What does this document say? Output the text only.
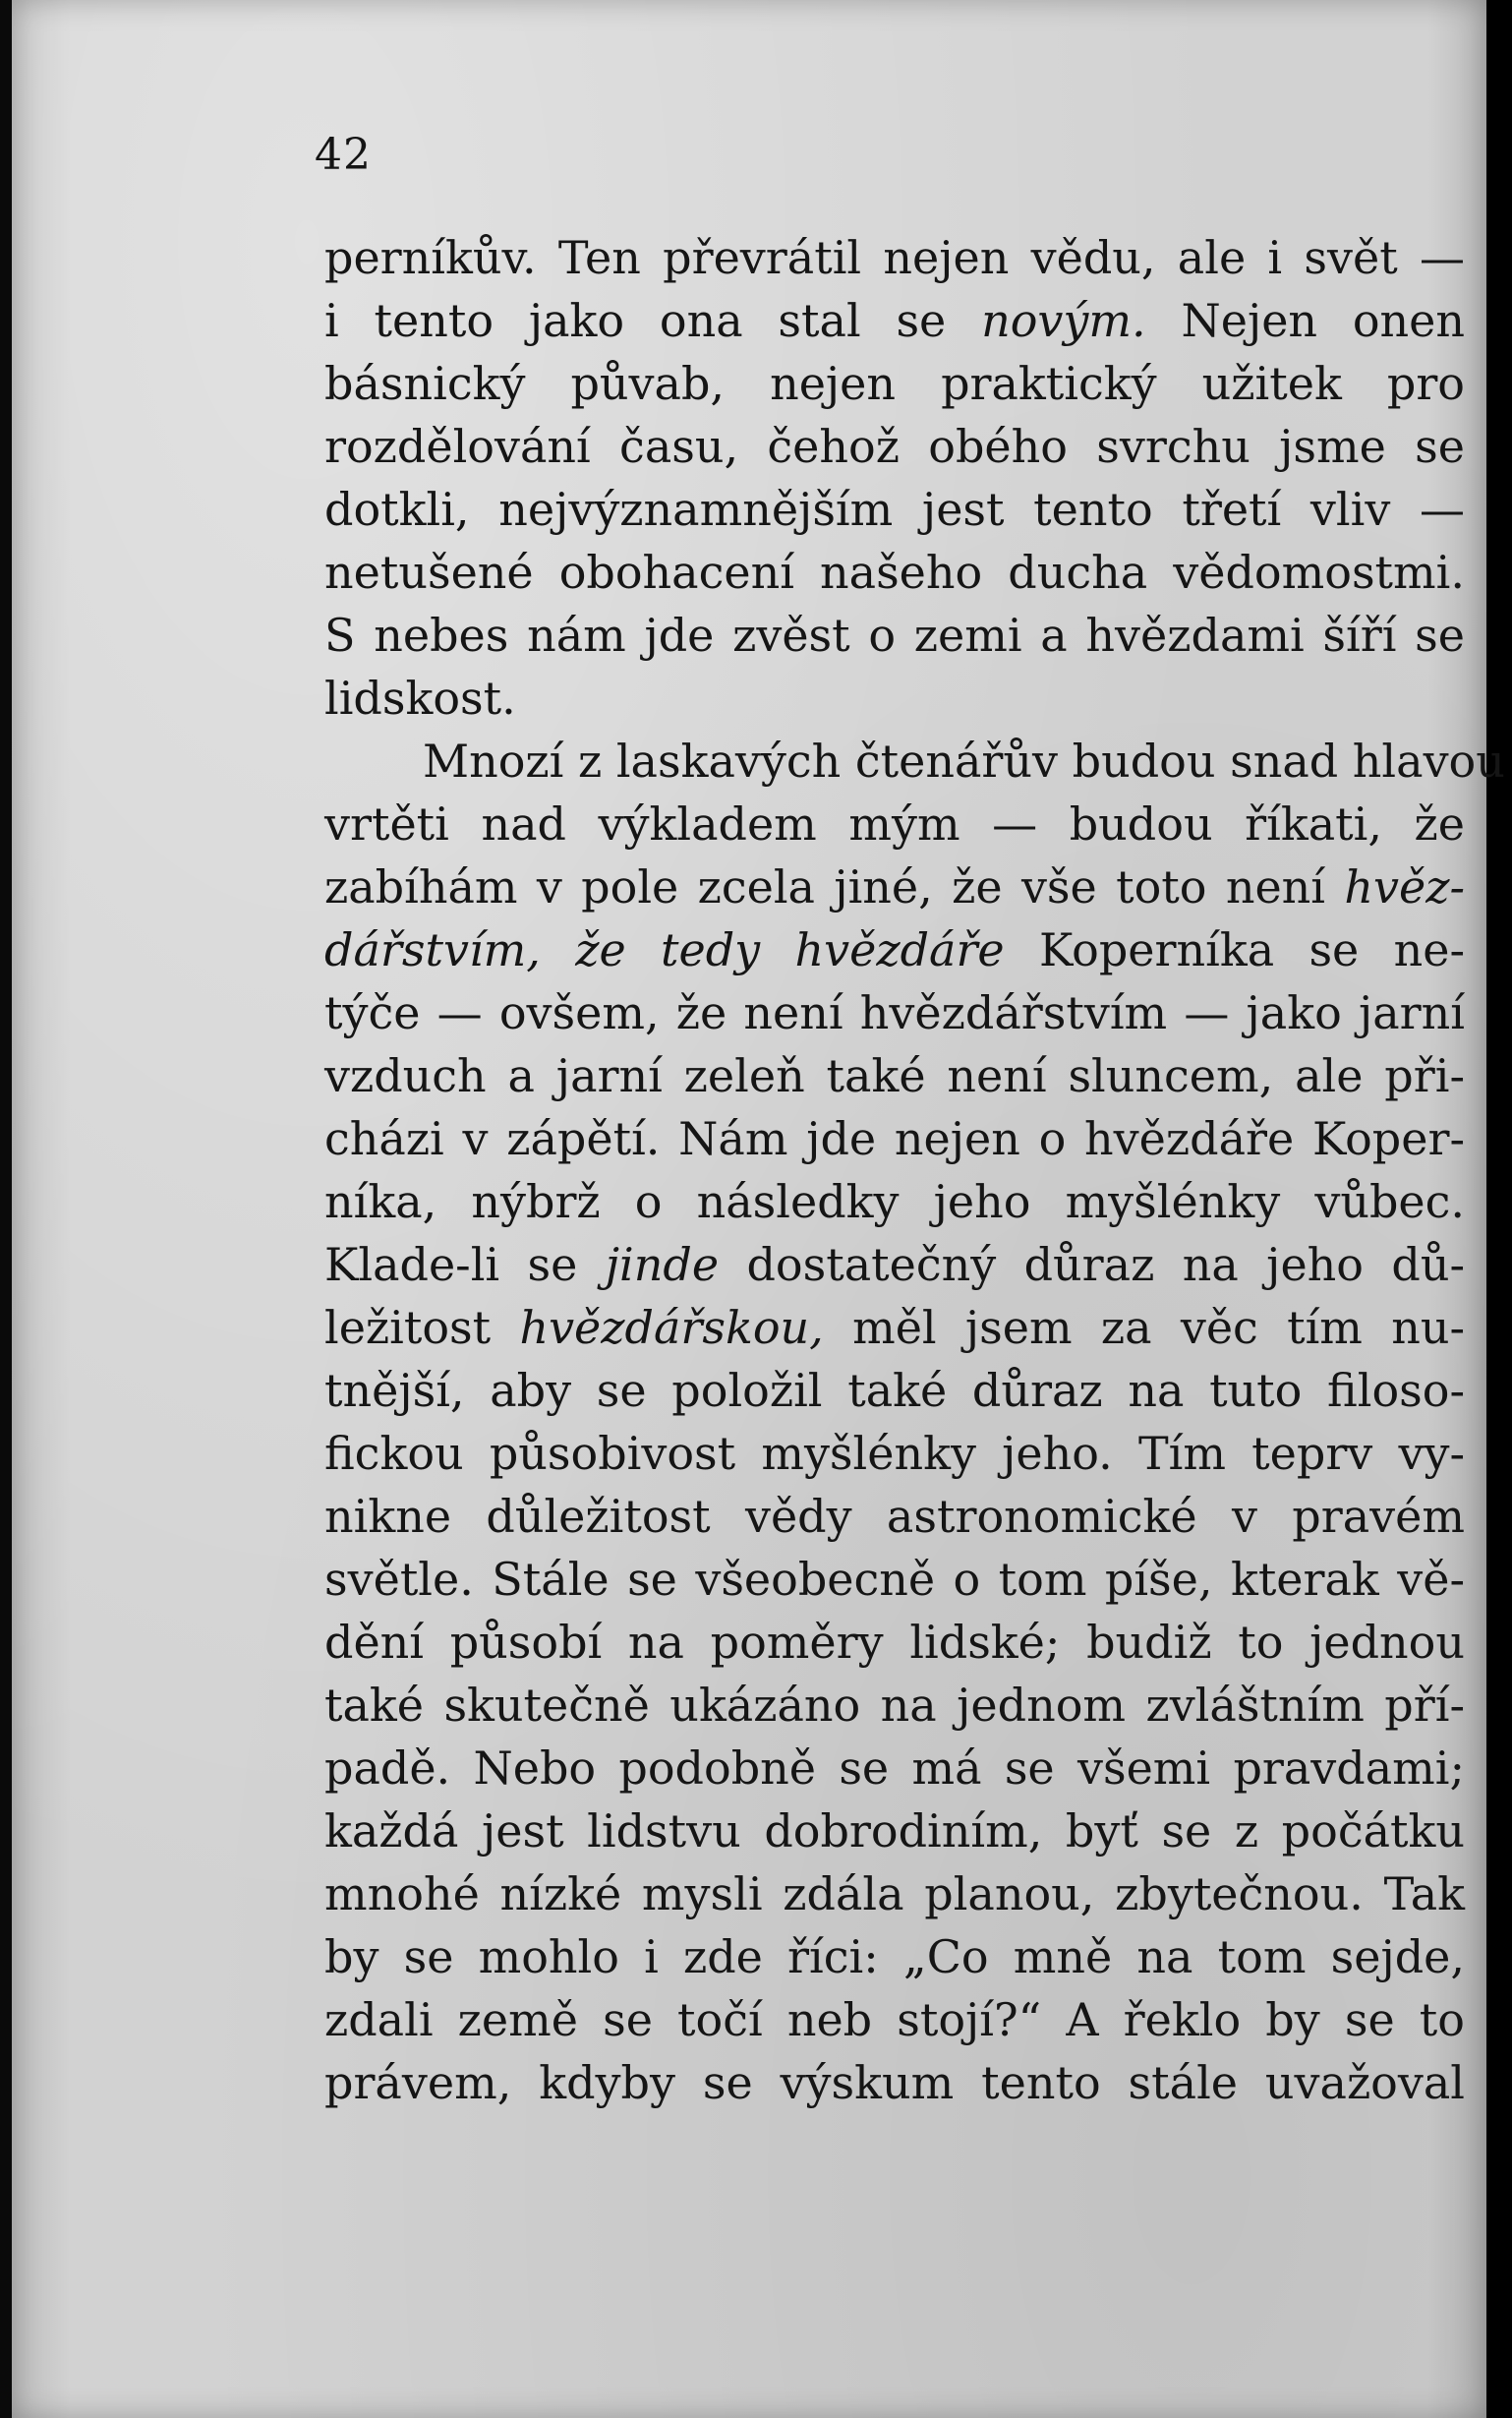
42
perníkův. Ten převrátil nejen vědu, ale i svět —
i tento jako ona stal se novým. Nejen onen
básnický půvab, nejen praktický užitek pro
rozdělování času, čehož obého svrchu jsme se
dotkli, nejvýznamnějším jest tento třetí vliv —
netušené obohacení našeho ducha vědomostmi.
S nebes nám jde zvěst o zemi a hvězdami šíří se
lidskost.
Mnozí z laskavých čtenářův budou snad hlavou
vrtěti nad výkladem mým — budou říkati, že
zabíhám v pole zcela jiné, že vše toto není hvěz-
dářstvím, že tedy hvězdáře Koperníka se ne-
týče — ovšem, že není hvězdářstvím — jako jarní
vzduch a jarní zeleň také není sluncem, ale při-
cházi v zápětí. Nám jde nejen o hvězdáře Koper-
níka, nýbrž o následky jeho myšlénky vůbec.
Klade-li se jinde dostatečný důraz na jeho dů-
ležitost hvězdářskou, měl jsem za věc tím nu-
tnější, aby se položil také důraz na tuto filoso-
fickou působivost myšlénky jeho. Tím teprv vy-
nikne důležitost vědy astronomické v pravém
světle. Stále se všeobecně o tom píše, kterak vě-
dění působí na poměry lidské; budiž to jednou
také skutečně ukázáno na jednom zvláštním pří-
padě. Nebo podobně se má se všemi pravdami;
každá jest lidstvu dobrodiním, byť se z počátku
mnohé nízké mysli zdála planou, zbytečnou. Tak
by se mohlo i zde říci: „Co mně na tom sejde,
zdali země se točí neb stojí?“ A řeklo by se to
právem, kdyby se výskum tento stále uvažoval
